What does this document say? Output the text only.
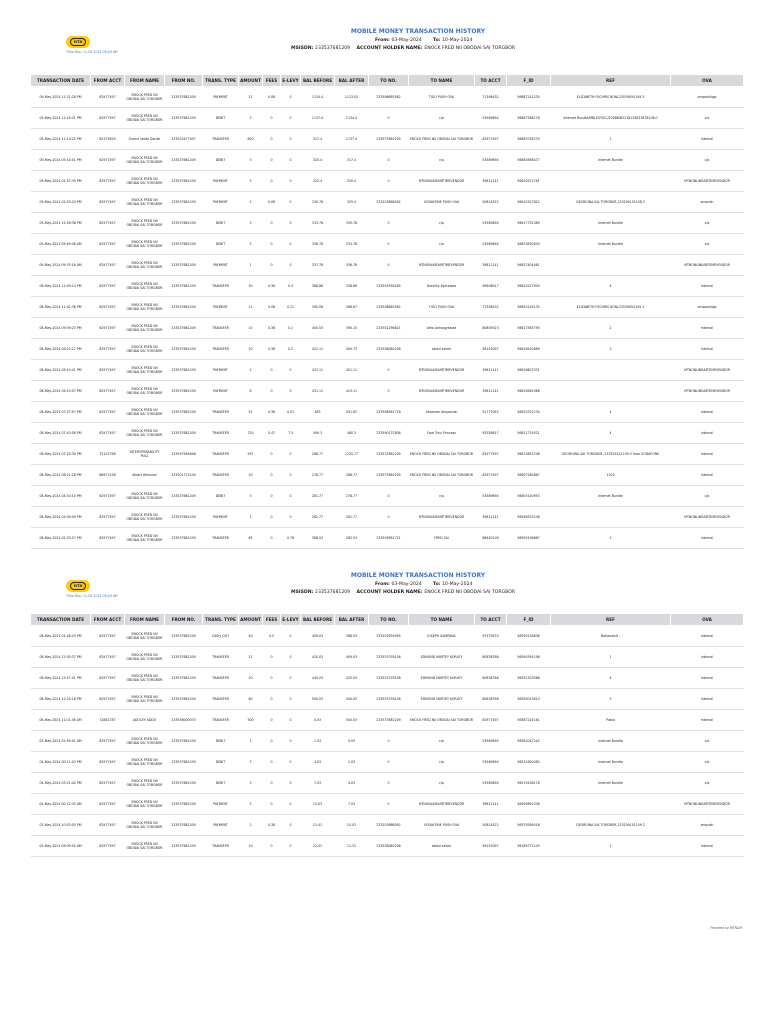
MTN
Time Run: 11-05-2024 08:29 AM
MOBILE MONEY TRANSACTION HISTORY
From: 03-May-2024 To: 10-May-2024
MSISDN: 233537681209 ACCOUNT HOLDER NAME: ENOCK FRED NII OBODAI SAI TORGBOR
TRANSACTION DATE	FROM ACCT	FROM NAME	FROM NO.	TRANS. TYPE	AMOUNT	FEES	E-LEVY	BAL BEFORE	BAL AFTER	TO NO.	TO NAME	TO ACCT	F_ID	REF	OVA
09-May-2024 11:21:28 PM	82977497	ENOCK FRED NII OBODAI SAI TORGBOR	233537681209	PAYMENT	11	0.08	0	1134.4	1123.02	233598685562	TIGO PUSH OVA	71398432	56687241230	ELIZABETH FSCHRIS BONL23539054109.3	ampsutdigo
09-May-2024 11:16:31 PM	82977497	ENOCK FRED NII OBODAI SAI TORGBOR	233537681209	DEBIT	3	0	0	1137.4	1134.4	0	c/o	53589694	56687586178	Internet Bundle/MBLEVY/EC/20EB8/B2218129833678108.0	c/o
09-May-2024 11:10:25 PM	82375829	Gvenri stalfe Darlek	233503477507	TRANSFER	820	0	0	317.4	1137.4	233537681209	ENOCK FRED NII OBODAI SAI TORGBOR	82977497	56687035270	1	Internal
09-May-2024 05:14:01 PM	82977497	ENOCK FRED NII OBODAI SAI TORGBOR	233537681209	DEBIT	3	0	0	320.4	317.4	0	c/o	53589694	56683698477	Internet Bundle	c/o
09-May-2024 01:57:30 PM	82977497	ENOCK FRED NII OBODAI SAI TORGBOR	233537681209	PAYMENT	5	0	0	325.4	320.4	0	MTNONLINEAIRTIMEVENDOR	39811141	56620971761		MTNONLINEAIRTIMEVENDOR
09-May-2024 01:53:20 PM	82977497	ENOCK FRED NII OBODAI SAI TORGBOR	233537681209	PAYMENT	5	0.08	0	330.78	325.4	233203868092	VODAFONE PUSH OVA	50814522	56615327822	GEORGINA SAI TORGBOR,233209151108.3	ampush
09-May-2024 12:26:36 PM	82977497	ENOCK FRED NII OBODAI SAI TORGBOR	233537681209	DEBIT	3	0	0	333.78	330.78	0	c/o	53589694	56617752389	Internet Bundle	c/o
09-May-2024 09:49:08 AM	82977497	ENOCK FRED NII OBODAI SAI TORGBOR	233537681209	DEBIT	3	0	0	336.78	333.78	0	c/o	53589694	56623830630	Internet Bundle	c/o
09-May-2024 09:33:18 AM	82977497	ENOCK FRED NII OBODAI SAI TORGBOR	233537681209	PAYMENT	1	0	0	337.78	336.78	0	MTNONLINEAIRTIMEVENDOR	39811141	56627404461		MTNONLINEAIRTIMEVENDOR
08-May-2024 11:49:14 PM	82977497	ENOCK FRED NII OBODAI SAI TORGBOR	233537681209	TRANSFER	30	0.38	0.3	368.86	338.68	233593556265	Dorothy Kyerewaa	99608917	56620217900	4	Internal
08-May-2024 11:42:36 PM	82977497	ENOCK FRED NII OBODAI SAI TORGBOR	233537681209	PAYMENT	21	0.08	0.21	390.06	368.67	233598685562	TIGO PUSH OVA	71398432	56620149132	ELIZABETH FSCHRIS BONL23539054109.1	ampsutdigo
08-May-2024 09:09:23 PM	82977497	ENOCK FRED NII OBODAI SAI TORGBOR	233537681209	TRANSFER	10	0.38	0.1	400.53	390.15	233552296821	Ama Antwigyewaa	80809323	56617563795	2	Internal
08-May-2024 09:22:27 PM	82977497	ENOCK FRED NII OBODAI SAI TORGBOR	233537681209	TRANSFER	20	0.38	0.2	421.11	400.73	233558080298	abdul salam	56153097	56616910689	2	Internal
08-May-2024 09:10:41 PM	82977497	ENOCK FRED NII OBODAI SAI TORGBOR	233537681209	PAYMENT	2	0	0	423.11	421.11	0	MTNONLINEAIRTIMEVENDOR	39811141	56616607031		MTNONLINEAIRTIMEVENDOR
08-May-2024 09:10:07 PM	82977497	ENOCK FRED NII OBODAI SAI TORGBOR	233537681209	PAYMENT	8	0	0	431.11	423.11	0	MTNONLINEAIRTIMEVENDOR	39811141	56616581966		MTNONLINEAIRTIMEVENDOR
08-May-2024 07:57:57 PM	82977497	ENOCK FRED NII OBODAI SAI TORGBOR	233537681209	TRANSFER	51	0.38	0.51	483	431.62	233598561718	Abraham Ampomah	91777052	56615322234	4	Internal
08-May-2024 07:43:08 PM	82977497	ENOCK FRED NII OBODAI SAI TORGBOR	233537681209	TRANSFER	720	5.47	7.3	490.3	480.3	233590137808	Osei Tutu Princess	92558617	56621719521	4	Internal
08-May-2024 07:24:30 PM	72107788	INTEROPERABILITY PULL	233597589848	TRANSFER	937	0	0	288.77	1225.77	233537681209	ENOCK FRED NII OBODAI SAI TORGBOR	82977497	56613853708	GEORGINA SAI TORGBOR ,233209151109.3 from VODAFONE	Internal
08-May-2024 06:21:28 PM	86977438	Albert Afriasian	233501723100	TRANSFER	10	0	0	278.77	288.77	233537681209	ENOCK FRED NII OBODAI SAI TORGBOR	82977497	56607280867	1203	Internal
08-May-2024 04:33:10 PM	82977497	ENOCK FRED NII OBODAI SAI TORGBOR	233537681209	DEBIT	3	0	0	281.77	278.77	0	c/o	53589694	56603140953	Internet Bundle	c/o
08-May-2024 02:09:09 PM	82977497	ENOCK FRED NII OBODAI SAI TORGBOR	233537681209	PAYMENT	1	0	0	282.77	281.77	0	MTNONLINEAIRTIMEVENDOR	39811141	56596253108		MTNONLINEAIRTIMEVENDOR
08-May-2024 02:33:57 PM	82977497	ENOCK FRED NII OBODAI SAI TORGBOR	233537681209	TRANSFER	85	0	0.76	368.53	282.53	233509581721	FRED SAI	86630109	56595196687	5	Internal
MTN
Time Run: 11-05-2024 08:29 AM
MOBILE MONEY TRANSACTION HISTORY
From: 03-May-2024 To: 10-May-2024
MSISDN: 233537681209 ACCOUNT HOLDER NAME: ENOCK FRED NII OBODAI SAI TORGBOR
TRANSACTION DATE	FROM ACCT	FROM NAME	FROM NO.	TRANS. TYPE	AMOUNT	FEES	E-LEVY	BAL BEFORE	BAL AFTER	TO NO.	TO NAME	TO ACCT	F_ID	REF	OVA
08-May-2024 01:46:29 PM	82977497	ENOCK FRED NII OBODAI SAI TORGBOR	233537681209	CASH_OUT	40	0.5	0	409.03	368.53	233202635995	JOSEPH SAMPANA	97379533	56590128836	Nationalsit -	Internal
08-May-2024 12:05:37 PM	82977497	ENOCK FRED NII OBODAI SAI TORGBOR	233537681209	TRANSFER	11	0	0	420.03	409.03	233557076108	EDMOND MARTEY KORLEY	80838768	56590395198	1	Internal
08-May-2024 12:57:01 PM	82977497	ENOCK FRED NII OBODAI SAI TORGBOR	233537681209	TRANSFER	20	0	0	440.03	420.03	233557076108	EDMOND MARTEY KORLEY	80838768	56591303568	4	Internal
08-May-2024 12:25:18 PM	82977497	ENOCK FRED NII OBODAI SAI TORGBOR	233537681209	TRANSFER	60	0	0	500.03	440.03	233557076108	EDMOND MARTEY KORLEY	80838768	56590013810	5	Internal
08-May-2024 11:01:36 AM	72881787	ADOLEY ADDO	233558000070	TRANSFER	500	0	0	0.03	500.03	233537681209	ENOCK FRED NII OBODAI SAI TORGBOR	82977497	56587224161	Pablo	Internal
04-May-2024 02:39:41 AM	82977497	ENOCK FRED NII OBODAI SAI TORGBOR	233537681209	DEBIT	1	0	0	1.03	0.03	0	c/o	53589694	56582047242	Internet Bundle	c/o
04-May-2024 00:11:03 PM	82977497	ENOCK FRED NII OBODAI SAI TORGBOR	233537681209	DEBIT	3	0	0	4.03	1.03	0	c/o	53589694	56531620082	Internet Bundle	c/o
04-May-2024 03:21:42 PM	82977497	ENOCK FRED NII OBODAI SAI TORGBOR	233537681209	DEBIT	3	0	0	7.03	4.03	0	c/o	53589694	56519258178	Internet Bundle	c/o
04-May-2024 00:12:03 AM	82977497	ENOCK FRED NII OBODAI SAI TORGBOR	233537681209	PAYMENT	3	0	0	10.03	7.03	0	MTNONLINEAIRTIMEVENDOR	39811141	56509891208		MTNONLINEAIRTIMEVENDOR
03-May-2024 10:53:05 PM	82977497	ENOCK FRED NII OBODAI SAI TORGBOR	233537681209	PAYMENT	2	0.38	0	12.41	10.03	233203868092	VODAFONE PUSH OVA	50814522	56579289416	GEORGINA SAI TORGBOR,233209151109.2	ampush
03-May-2024 09:09:54 AM	82977497	ENOCK FRED NII OBODAI SAI TORGBOR	233537681209	TRANSFER	10	0	0	22.41	12.31	233558080298	abdul salam	56153097	56189772105	1	Internal
Powered by MTNGH
